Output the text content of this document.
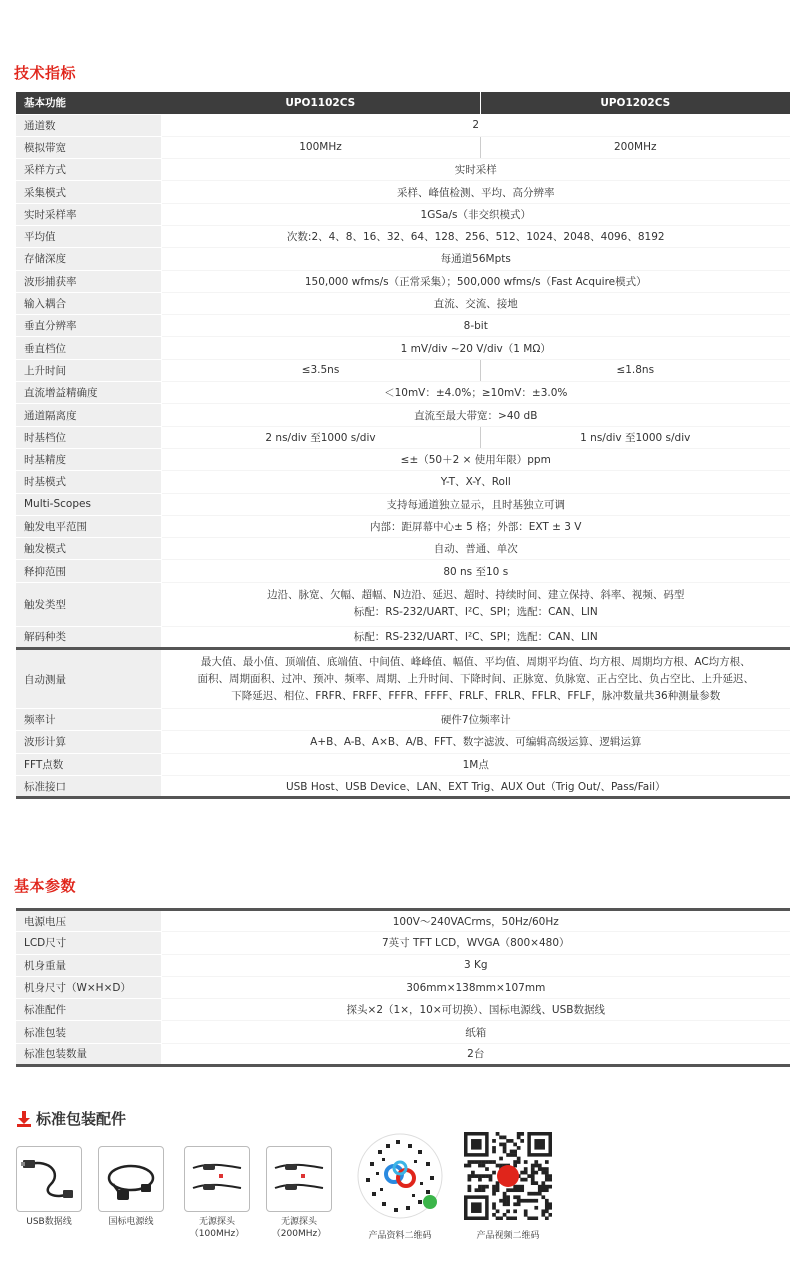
技术指标
基本功能	UPO1102CS	UPO1202CS
通道数	2	
模拟带宽	100MHz	200MHz
采样方式	实时采样	
采集模式	采样、峰值检测、平均、高分辨率	
实时采样率	1GSa/s（非交织模式）	
平均值	次数:2、4、8、16、32、64、128、256、512、1024、2048、4096、8192	
存储深度	每通道56Mpts	
波形捕获率	150,000 wfms/s（正常采集）；500,000 wfms/s（Fast Acquire模式）	
输入耦合	直流、交流、接地	
垂直分辨率	8-bit	
垂直档位	1 mV/div ~20 V/div（1 MΩ）	
上升时间	≤3.5ns	≤1.8ns
直流增益精确度	＜10mV：±4.0%；≥10mV：±3.0%	
通道隔离度	直流至最大带宽：>40 dB	
时基档位	2 ns/div 至1000 s/div	1 ns/div 至1000 s/div
时基精度	≤±（50＋2 × 使用年限）ppm	
时基模式	Y-T、X-Y、Roll	
Multi-Scopes	支持每通道独立显示，且时基独立可调	
触发电平范围	内部：距屏幕中心± 5 格；外部：EXT ± 3 V	
触发模式	自动、普通、单次	
释抑范围	80 ns 至10 s	
触发类型	边沿、脉宽、欠幅、超幅、N边沿、延迟、超时、持续时间、建立保持、斜率、视频、码型
标配：RS-232/UART、I²C、SPI；选配：CAN、LIN	

解码种类	标配：RS-232/UART、I²C、SPI；选配：CAN、LIN	
自动测量	最大值、最小值、顶端值、底端值、中间值、峰峰值、幅值、平均值、周期平均值、均方根、周期均方根、AC均方根、
面积、周期面积、过冲、预冲、频率、周期、上升时间、下降时间、正脉宽、负脉宽、正占空比、负占空比、上升延迟、
下降延迟、相位、FRFR、FRFF、FFFR、FFFF、FRLF、FRLR、FFLR、FFLF，脉冲数量共36种测量参数	

频率计	硬件7位频率计	
波形计算	A+B、A-B、A×B、A/B、FFT、数字滤波、可编辑高级运算、逻辑运算	
FFT点数	1M点	
标准接口	USB Host、USB Device、LAN、EXT Trig、AUX Out（Trig Out/、Pass/Fail）	
基本参数
电源电压	100V～240VACrms，50Hz/60Hz
LCD尺寸	7英寸 TFT LCD，WVGA（800×480）
机身重量	3 Kg
机身尺寸（W×H×D）	306mm×138mm×107mm
标准配件	探头×2（1×，10×可切换）、国标电源线、USB数据线
标准包装	纸箱
标准包装数量	2台
标准包装配件
USB数据线	国标电源线	无源探头
（100MHz）
无源探头
（200MHz）	产品资料二维码	产品视频二维码
